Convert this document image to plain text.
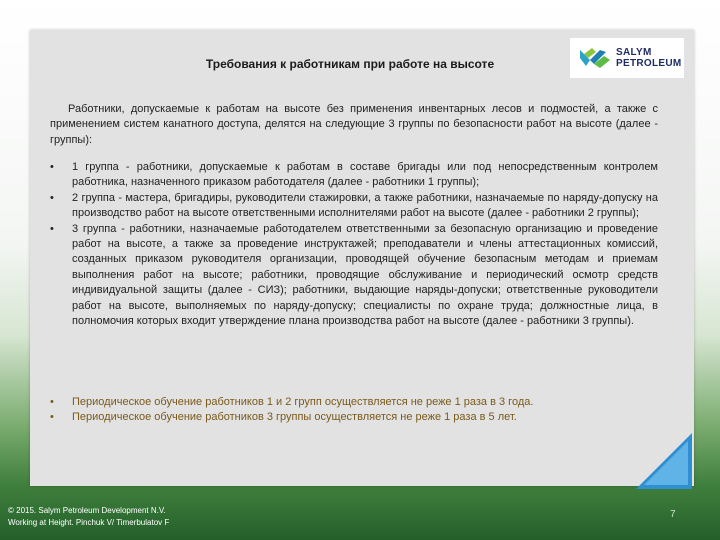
Требования к работникам при работе на высоте
SALYM
PETROLEUM
Работники, допускаемые к работам на высоте без применения инвентарных лесов и подмостей, а также с применением систем канатного доступа, делятся на следующие 3 группы по безопасности работ на высоте (далее - группы):
• 1 группа - работники, допускаемые к работам в составе бригады или под непосредственным контролем работника, назначенного приказом работодателя (далее - работники 1 группы);
• 2 группа - мастера, бригадиры, руководители стажировки, а также работники, назначаемые по наряду-допуску на производство работ на высоте ответственными исполнителями работ на высоте (далее - работники 2 группы);
• 3 группа - работники, назначаемые работодателем ответственными за безопасную организацию и проведение работ на высоте, а также за проведение инструктажей; преподаватели и члены аттестационных комиссий, созданных приказом руководителя организации, проводящей обучение безопасным методам и приемам выполнения работ на высоте; работники, проводящие обслуживание и периодический осмотр средств индивидуальной защиты (далее - СИЗ); работники, выдающие наряды-допуски; ответственные руководители работ на высоте, выполняемых по наряду-допуску; специалисты по охране труда; должностные лица, в полномочия которых входит утверждение плана производства работ на высоте (далее - работники 3 группы).
• Периодическое обучение работников 1 и 2 групп осуществляется не реже 1 раза в 3 года.
• Периодическое обучение работников 3 группы осуществляется не реже 1 раза в 5 лет.
© 2015. Salym Petroleum Development N.V.
Working at Height. Pinchuk V/ Timerbulatov F
7
